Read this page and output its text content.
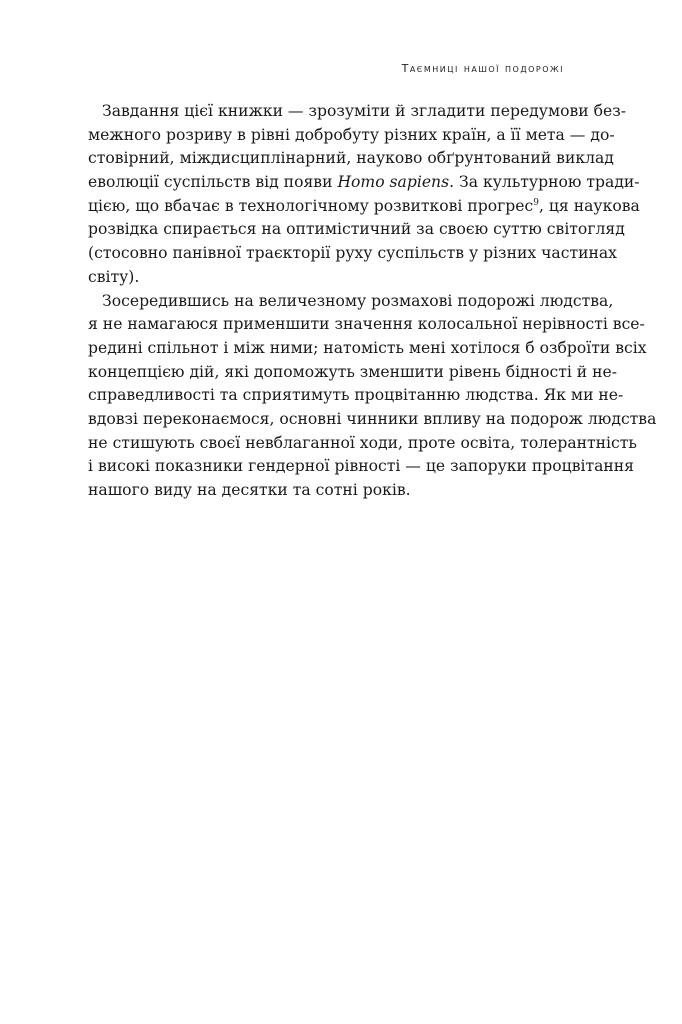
Таємниці нашої подорожі
Завдання цієї книжки — зрозуміти й згладити передумови без-
межного розриву в рівні добробуту різних країн, а її мета — до-
стовірний, міждисциплінарний, науково обґрунтований виклад
еволюції суспільств від появи Homo sapiens. За культурною тради-
цією, що вбачає в технологічному розвиткові прогрес$^9$, ця наукова
розвідка спирається на оптимістичний за своєю суттю світогляд
(стосовно панівної траєкторії руху суспільств у різних частинах
світу).
Зосередившись на величезному розмахові подорожі людства,
я не намагаюся применшити значення колосальної нерівності все-
редині спільнот і між ними; натомість мені хотілося б озброїти всіх
концепцією дій, які допоможуть зменшити рівень бідності й не-
справедливості та сприятимуть процвітанню людства. Як ми не-
вдовзі переконаємося, основні чинники впливу на подорож людства
не стишують своєї невблаганної ходи, проте освіта, толерантність
і високі показники гендерної рівності — це запоруки процвітання
нашого виду на десятки та сотні років.
